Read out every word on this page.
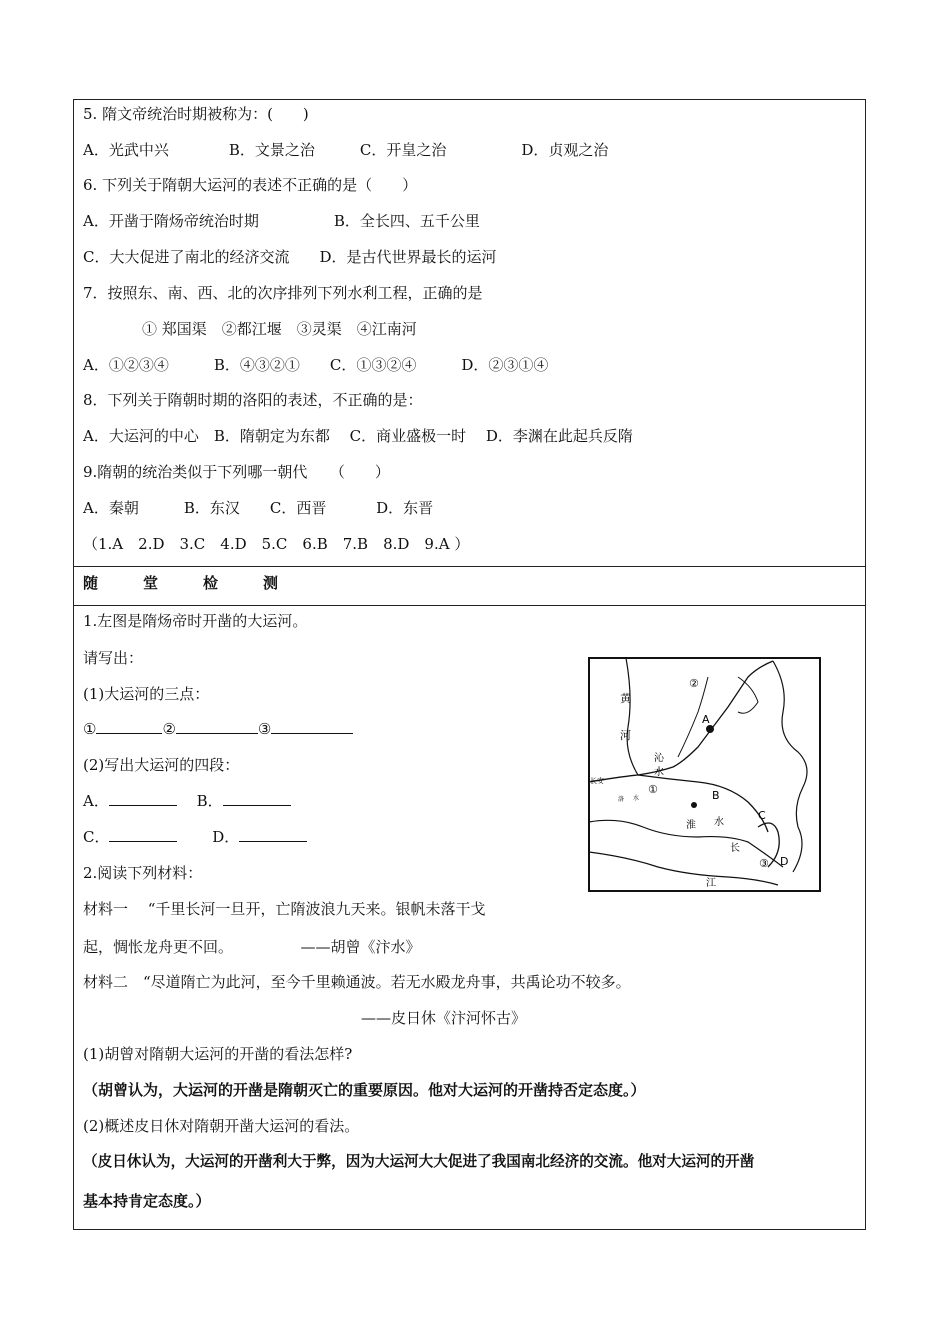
5. 隋文帝统治时期被称为：(　　)
A．光武中兴　　　　B．文景之治　　　C．开皇之治　　　　　D．贞观之治
6. 下列关于隋朝大运河的表述不正确的是（　　）
A．开凿于隋炀帝统治时期　　　　　B．全长四、五千公里
C．大大促进了南北的经济交流　　D．是古代世界最长的运河
7．按照东、南、西、北的次序排列下列水利工程，正确的是
① 郑国渠　②都江堰　③灵渠　④江南河
A．①②③④　　　B．④③②①　　C．①③②④　　　D．②③①④
8．下列关于隋朝时期的洛阳的表述，不正确的是：
A．大运河的中心　B．隋朝定为东都　 C．商业盛极一时　 D．李渊在此起兵反隋
9.隋朝的统治类似于下列哪一朝代　　（　　）
A．秦朝　　　B．东汉　　C．西晋　　　 D．东晋
（1.A　2.D　3.C　4.D　5.C　6.B　7.B　8.D　9.A ）
随	堂	检	测
1.左图是隋炀帝时开凿的大运河。
请写出：
(1)大运河的三点：
①	②	③
(2)写出大运河的四段：
A．　	B．
C．　 　	D．
2.阅读下列材料：
材料一　 “千里长河一旦开，亡隋波浪九天来。银帆未落干戈
起，惆怅龙舟更不回。　　　　　——胡曾《汴水》
材料二　“尽道隋亡为此河，至今千里赖通波。若无水殿龙舟事，共禹论功不较多。
——皮日休《汴河怀古》
(1)胡曾对隋朝大运河的开凿的看法怎样?
（胡曾认为，大运河的开凿是隋朝灭亡的重要原因。他对大运河的开凿持否定态度。）
(2)概述皮日休对隋朝开凿大运河的看法。
（皮日休认为，大运河的开凿利大于弊，因为大运河大大促进了我国南北经济的交流。他对大运河的开凿
基本持肯定态度。）
黄
河
沁
水
长安
洛 水
淮 水
长
江
A
B
C
D
①
②
③
